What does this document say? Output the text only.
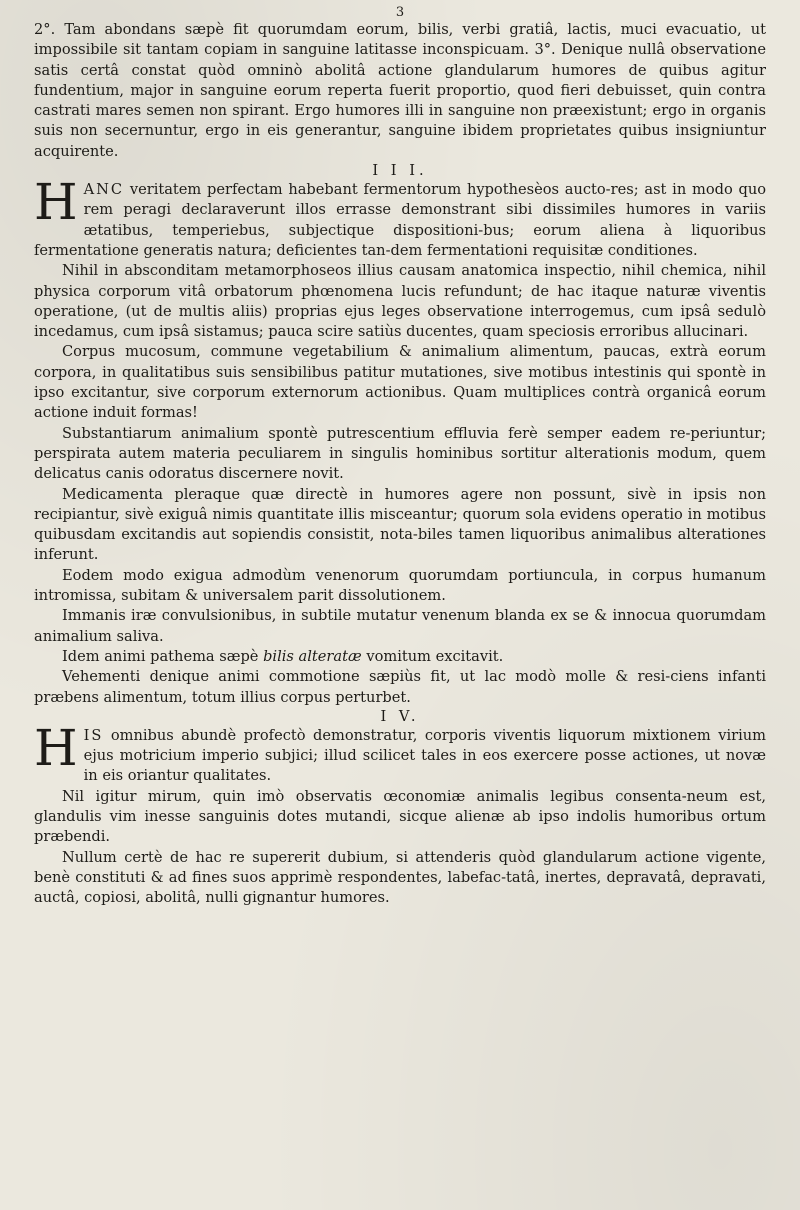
3

2°. Tam abondans sæpè fit quorumdam eorum, bilis, verbi gratiâ, lactis, muci evacuatio, ut impossibile sit tantam copiam in sanguine latitasse inconspicuam. 3°. Denique nullâ observatione satis certâ constat quòd omninò abolitâ actione glandularum humores de quibus agitur fundentium, major in sanguine eorum reperta fuerit proportio, quod fieri debuisset, quin contra castrati mares semen non spirant. Ergo humores illi in sanguine non præexistunt; ergo in organis suis non secernuntur, ergo in eis generantur, sanguine ibidem proprietates quibus insigniuntur acquirente.

I I I.

HANC veritatem perfectam habebant fermentorum hypothesèos aucto-res; ast in modo quo rem peragi declaraverunt illos errasse demonstrant sibi dissimiles humores in variis ætatibus, temperiebus, subjectique dispositioni-bus; eorum aliena à liquoribus fermentatione generatis natura; deficientes tan-dem fermentationi requisitæ conditiones.

Nihil in absconditam metamorphoseos illius causam anatomica inspectio, nihil chemica, nihil physica corporum vitâ orbatorum phœnomena lucis refundunt; de hac itaque naturæ viventis operatione, (ut de multis aliis) proprias ejus leges observatione interrogemus, cum ipsâ sedulò incedamus, cum ipsâ sistamus; pauca scire satiùs ducentes, quam speciosis erroribus allucinari.

Corpus mucosum, commune vegetabilium & animalium alimentum, paucas, extrà eorum corpora, in qualitatibus suis sensibilibus patitur mutationes, sive motibus intestinis qui spontè in ipso excitantur, sive corporum externorum actionibus. Quam multiplices contrà organicâ eorum actione induit formas!

Substantiarum animalium spontè putrescentium effluvia ferè semper eadem re-periuntur; perspirata autem materia peculiarem in singulis hominibus sortitur alterationis modum, quem delicatus canis odoratus discernere novit.

Medicamenta pleraque quæ directè in humores agere non possunt, sivè in ipsis non recipiantur, sivè exiguâ nimis quantitate illis misceantur; quorum sola evidens operatio in motibus quibusdam excitandis aut sopiendis consistit, nota-biles tamen liquoribus animalibus alterationes inferunt.

Eodem modo exigua admodùm venenorum quorumdam portiuncula, in corpus humanum intromissa, subitam & universalem parit dissolutionem.

Immanis iræ convulsionibus, in subtile mutatur venenum blanda ex se & innocua quorumdam animalium saliva.

Idem animi pathema sæpè bilis alteratæ vomitum excitavit.

Vehementi denique animi commotione sæpiùs fit, ut lac modò molle & resi-ciens infanti præbens alimentum, totum illius corpus perturbet.

I V.

HIS omnibus abundè profectò demonstratur, corporis viventis liquorum mixtionem virium ejus motricium imperio subjici; illud scilicet tales in eos exercere posse actiones, ut novæ in eis oriantur qualitates.

Nil igitur mirum, quin imò observatis œconomiæ animalis legibus consenta-neum est, glandulis vim inesse sanguinis dotes mutandi, sicque alienæ ab ipso indolis humoribus ortum præbendi.

Nullum certè de hac re supererit dubium, si attenderis quòd glandularum actione vigente, benè constituti & ad fines suos apprimè respondentes, labefac-tatâ, inertes, depravatâ, depravati, auctâ, copiosi, abolitâ, nulli gignantur humores.
